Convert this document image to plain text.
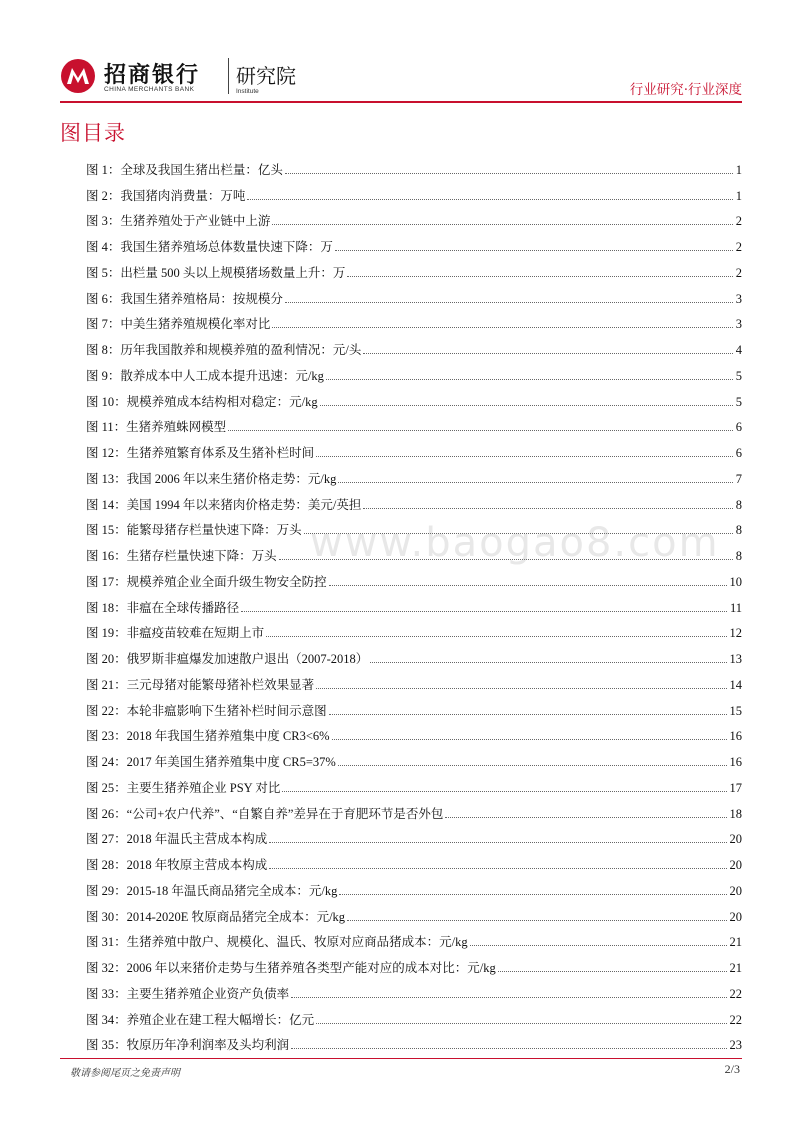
招商银行
CHINA MERCHANTS BANK
研究院
Institute	行业研究·行业深度
图目录
图 1： 全球及我国生猪出栏量：亿头	1
图 2： 我国猪肉消费量：万吨	1
图 3： 生猪养殖处于产业链中上游	2
图 4： 我国生猪养殖场总体数量快速下降：万	2
图 5： 出栏量 500 头以上规模猪场数量上升：万	2
图 6： 我国生猪养殖格局：按规模分	3
图 7： 中美生猪养殖规模化率对比	3
图 8： 历年我国散养和规模养殖的盈利情况：元/头	4
图 9： 散养成本中人工成本提升迅速：元/kg	5
图 10： 规模养殖成本结构相对稳定：元/kg	5
图 11： 生猪养殖蛛网模型	6
图 12： 生猪养殖繁育体系及生猪补栏时间	6
图 13： 我国 2006 年以来生猪价格走势：元/kg	7
图 14： 美国 1994 年以来猪肉价格走势：美元/英担	8
图 15： 能繁母猪存栏量快速下降：万头	8
图 16： 生猪存栏量快速下降：万头	8
图 17： 规模养殖企业全面升级生物安全防控	10
图 18： 非瘟在全球传播路径	11
图 19： 非瘟疫苗较难在短期上市	12
图 20： 俄罗斯非瘟爆发加速散户退出（2007-2018）	13
图 21： 三元母猪对能繁母猪补栏效果显著	14
图 22： 本轮非瘟影响下生猪补栏时间示意图	15
图 23： 2018 年我国生猪养殖集中度 CR3<6%	16
图 24： 2017 年美国生猪养殖集中度 CR5=37%	16
图 25： 主要生猪养殖企业 PSY 对比	17
图 26： “公司+农户代养”、“自繁自养”差异在于育肥环节是否外包	18
图 27： 2018 年温氏主营成本构成	20
图 28： 2018 年牧原主营成本构成	20
图 29： 2015-18 年温氏商品猪完全成本：元/kg	20
图 30： 2014-2020E 牧原商品猪完全成本：元/kg	20
图 31： 生猪养殖中散户、规模化、温氏、牧原对应商品猪成本：元/kg	21
图 32： 2006 年以来猪价走势与生猪养殖各类型产能对应的成本对比：元/kg	21
图 33： 主要生猪养殖企业资产负债率	22
图 34： 养殖企业在建工程大幅增长：亿元	22
图 35： 牧原历年净利润率及头均利润	23
www.baogao8.com
敬请参阅尾页之免责声明	2/3
